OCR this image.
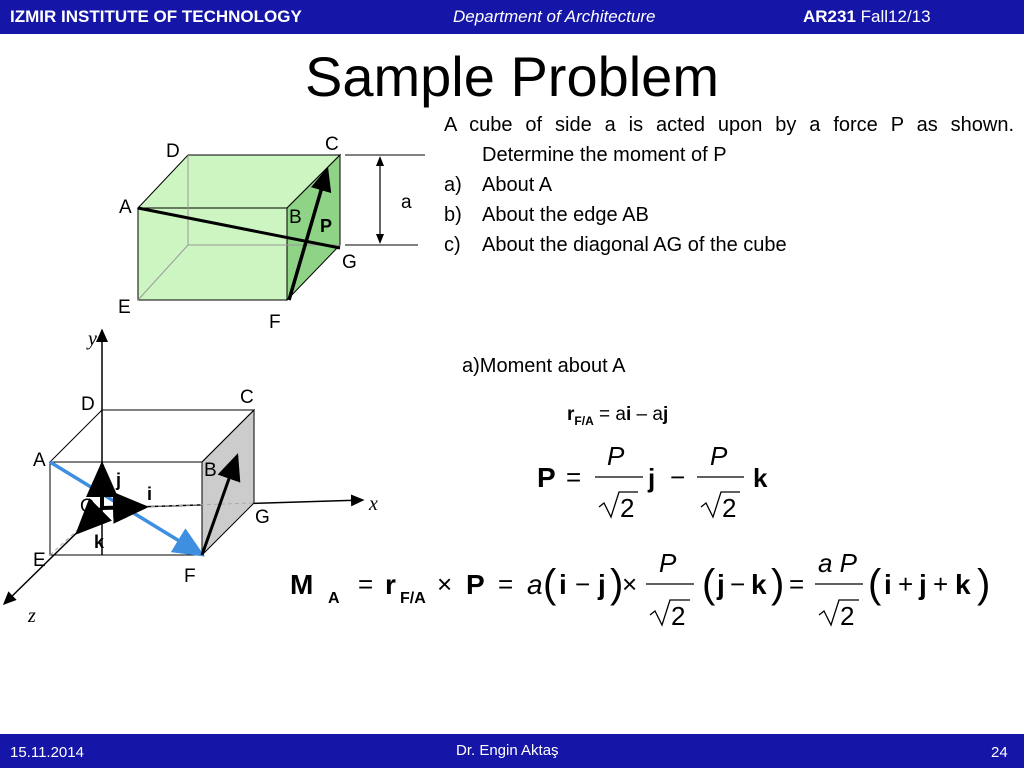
IZMIR INSTITUTE OF TECHNOLOGY	Department of Architecture	AR231 Fall12/13
Sample Problem
A cube of side a is acted upon by a force P as shown. Determine the moment of P
a) About A
b) About the edge AB
c) About the diagonal AG of the cube
D	C
A	B P
G
E
F
a
y
x
z
D	C
A	B
O
G
E
F
j
i
k
a)Moment about A
$r_{F/A}$ = ai – aj
P =
P
2
j −
P
2
k
M A = r F/A × P = a ( i − j )
×
P
2
( j − k ) =
a P
2
( i + j + k )
15.11.2014	Dr. Engin Aktaş	24
